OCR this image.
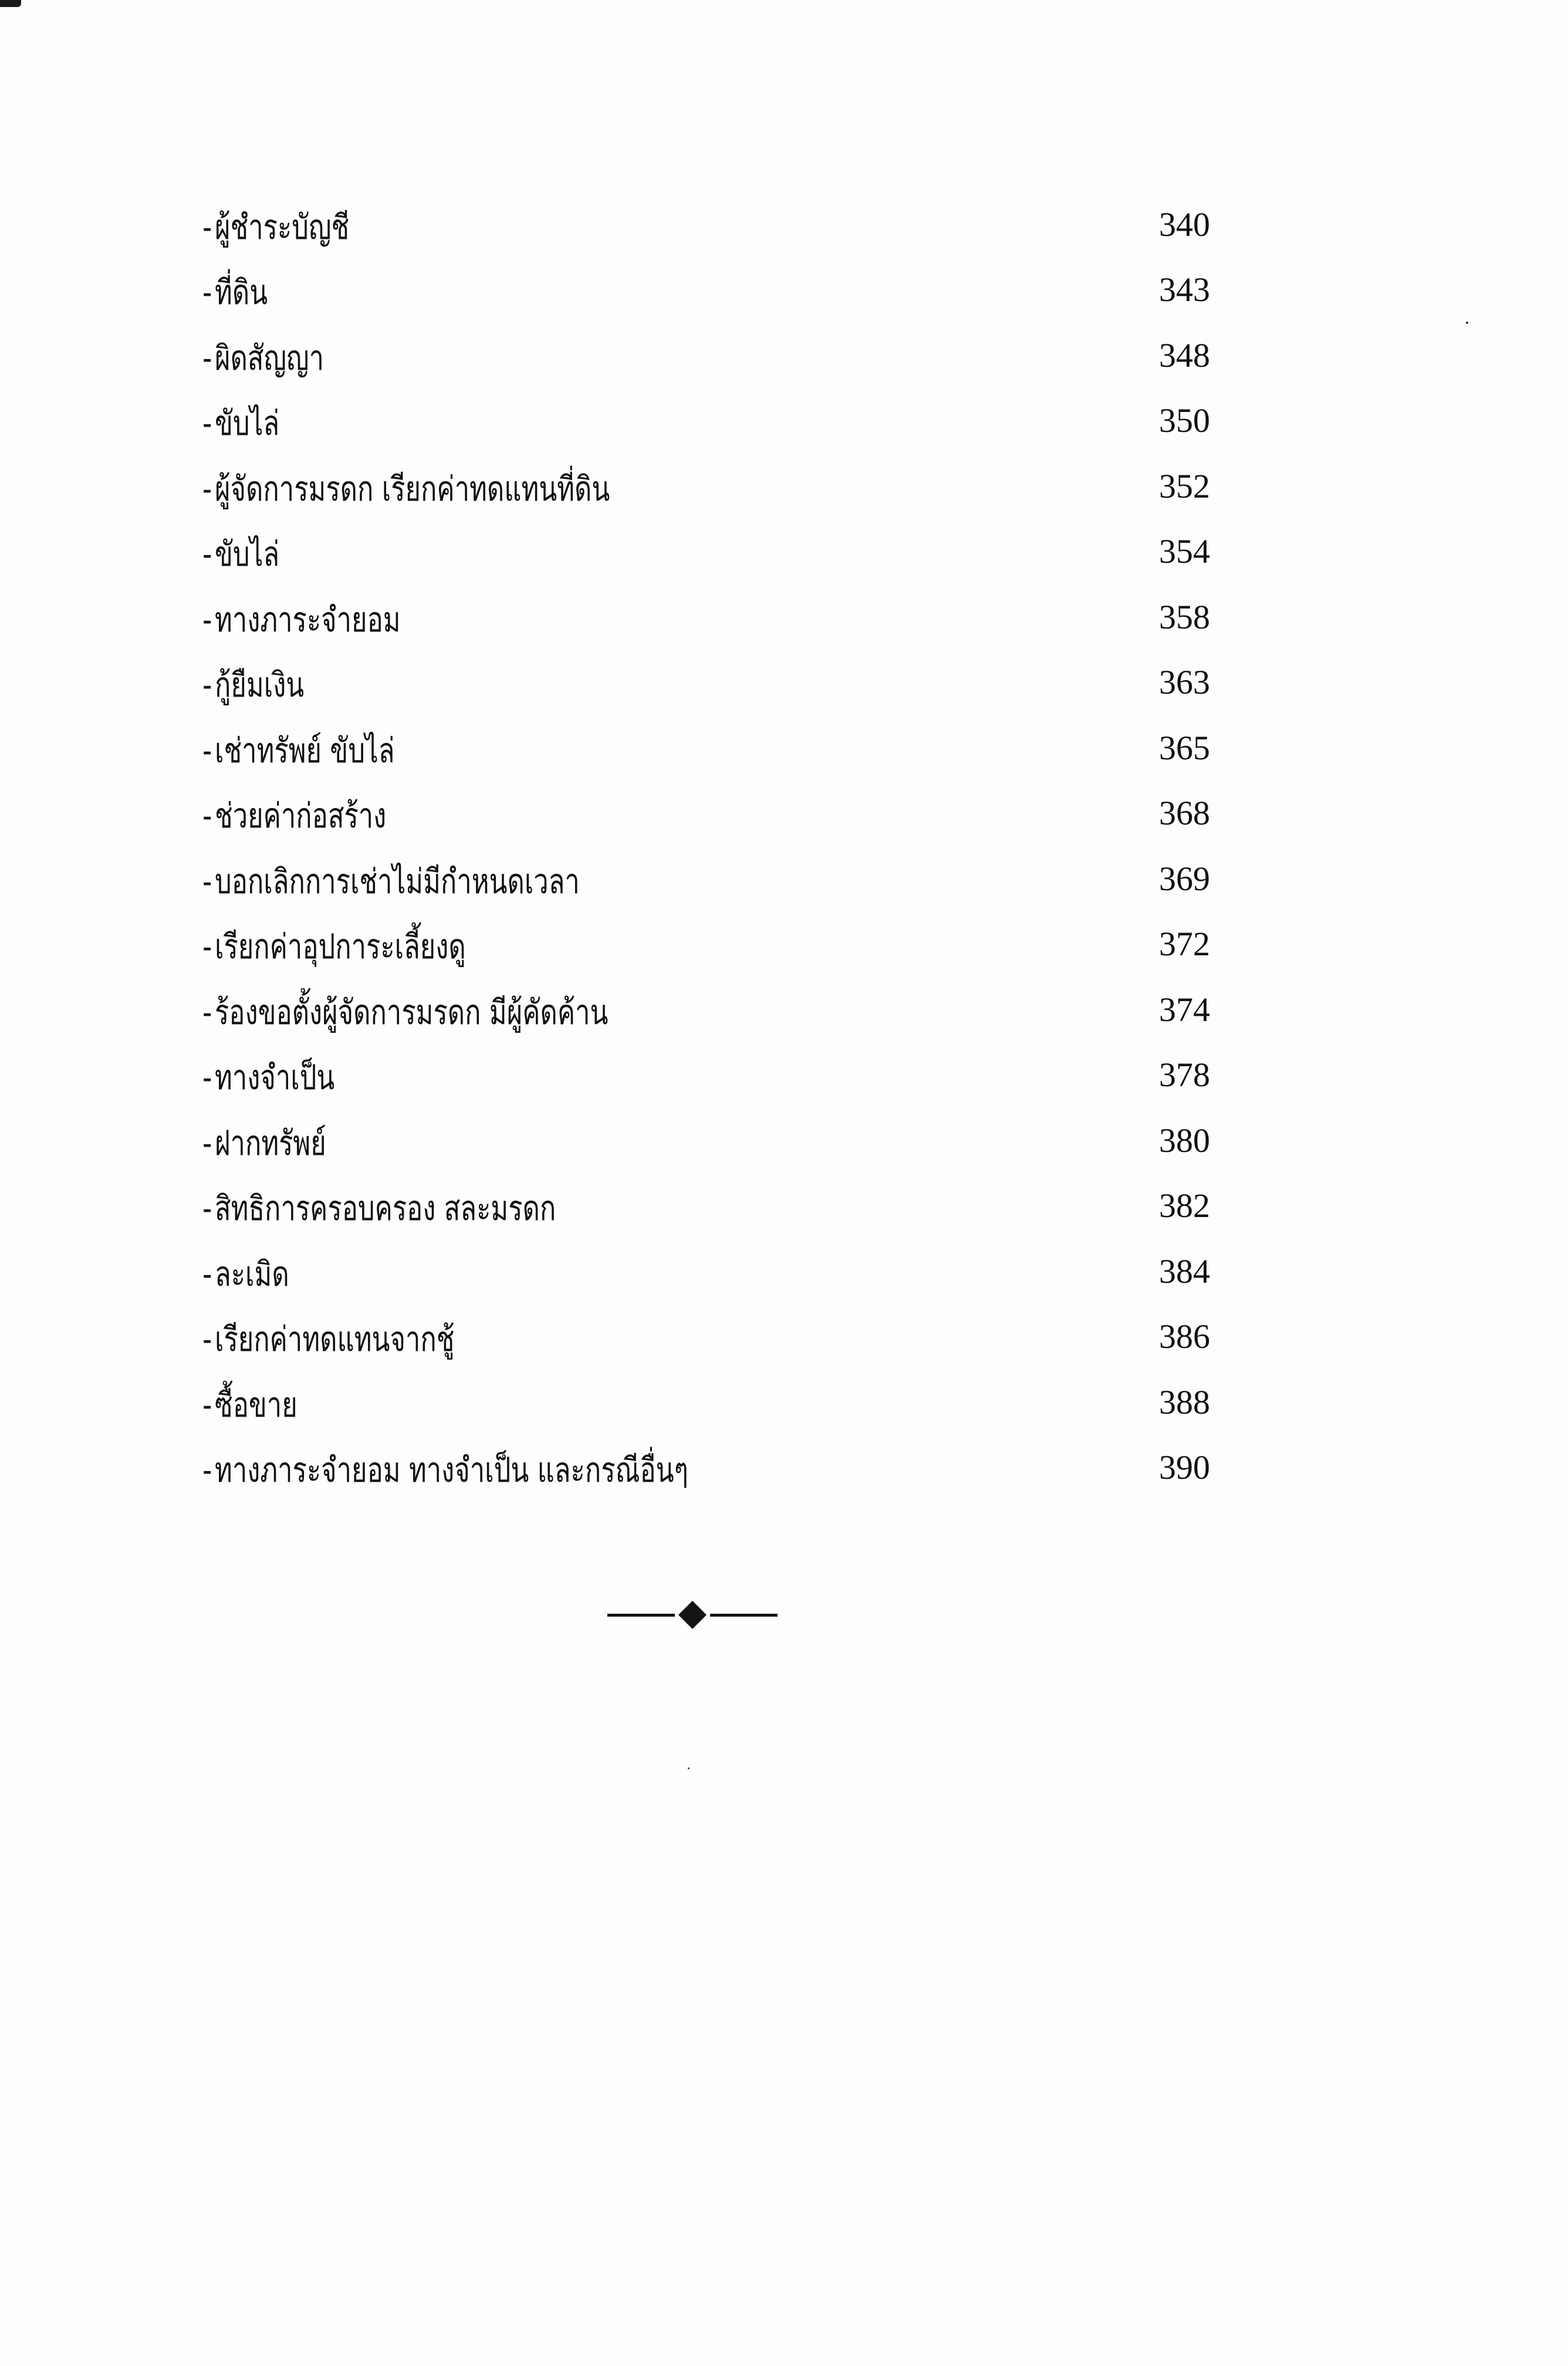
-ผู้ชำระบัญชี	340
-ที่ดิน	343
-ผิดสัญญา	348
-ขับไล่	350
-ผู้จัดการมรดก เรียกค่าทดแทนที่ดิน	352
-ขับไล่	354
-ทางภาระจำยอม	358
-กู้ยืมเงิน	363
-เช่าทรัพย์ ขับไล่	365
-ช่วยค่าก่อสร้าง	368
-บอกเลิกการเช่าไม่มีกำหนดเวลา	369
-เรียกค่าอุปการะเลี้ยงดู	372
-ร้องขอตั้งผู้จัดการมรดก มีผู้คัดค้าน	374
-ทางจำเป็น	378
-ฝากทรัพย์	380
-สิทธิการครอบครอง สละมรดก	382
-ละเมิด	384
-เรียกค่าทดแทนจากชู้	386
-ซื้อขาย	388
-ทางภาระจำยอม ทางจำเป็น และกรณีอื่นๆ	390
